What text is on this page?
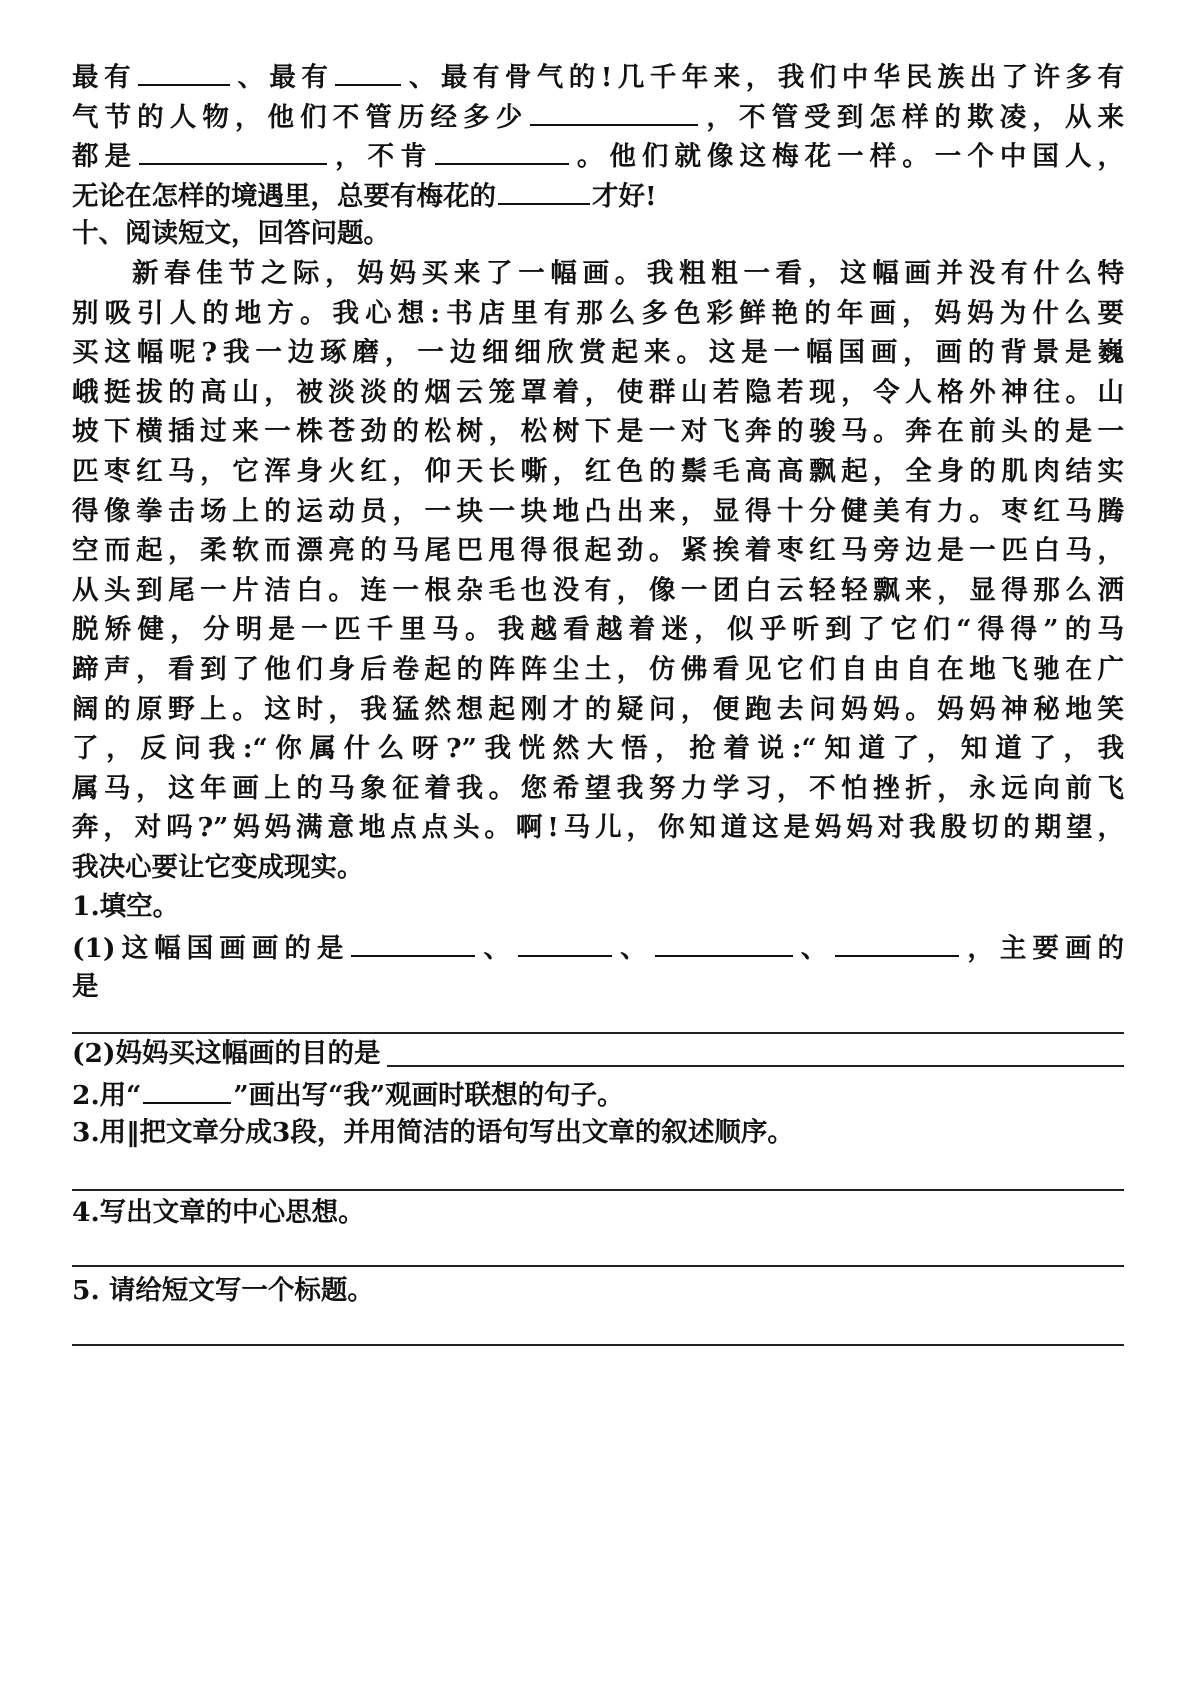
最有	、最有	、最有骨气的!几千年来，我们中华民族出了许多有
气节的人物，他们不管历经多少	，不管受到怎样的欺凌，从来
都是	，不肯	。他们就像这梅花一样。一个中国人，
无论在怎样的境遇里，总要有梅花的	才好!
十、阅读短文，回答问题。
新春佳节之际，妈妈买来了一幅画。我粗粗一看，这幅画并没有什么特
别吸引人的地方。我心想:书店里有那么多色彩鲜艳的年画，妈妈为什么要
买这幅呢?我一边琢磨，一边细细欣赏起来。这是一幅国画，画的背景是巍
峨挺拔的高山，被淡淡的烟云笼罩着，使群山若隐若现，令人格外神往。山
坡下横插过来一株苍劲的松树，松树下是一对飞奔的骏马。奔在前头的是一
匹枣红马，它浑身火红，仰天长嘶，红色的鬃毛高高飘起，全身的肌肉结实
得像拳击场上的运动员，一块一块地凸出来，显得十分健美有力。枣红马腾
空而起，柔软而漂亮的马尾巴甩得很起劲。紧挨着枣红马旁边是一匹白马，
从头到尾一片洁白。连一根杂毛也没有，像一团白云轻轻飘来，显得那么洒
脱矫健，分明是一匹千里马。我越看越着迷，似乎听到了它们“得得”的马
蹄声，看到了他们身后卷起的阵阵尘土，仿佛看见它们自由自在地飞驰在广
阔的原野上。这时，我猛然想起刚才的疑问，便跑去问妈妈。妈妈神秘地笑
了，反问我:“你属什么呀?”我恍然大悟，抢着说:“知道了，知道了，我
属马，这年画上的马象征着我。您希望我努力学习，不怕挫折，永远向前飞
奔，对吗?”妈妈满意地点点头。啊!马儿，你知道这是妈妈对我殷切的期望，
我决心要让它变成现实。
1.填空。
(1)这幅国画画的是	、	、	、	，主要画的
是
(2)妈妈买这幅画的目的是
2.用“	”画出写“我”观画时联想的句子。
3.用‖把文章分成3段，并用简洁的语句写出文章的叙述顺序。
4.写出文章的中心思想。
5. 请给短文写一个标题。
